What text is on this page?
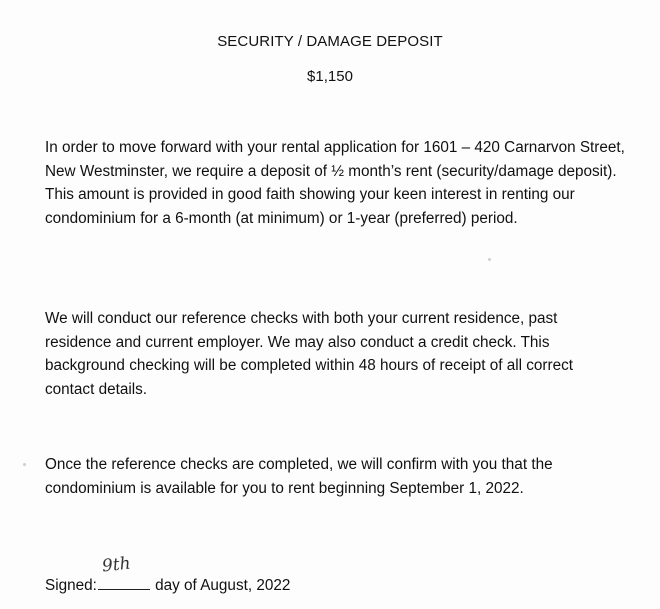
SECURITY / DAMAGE DEPOSIT
$1,150
In order to move forward with your rental application for 1601 – 420 Carnarvon Street, New Westminster, we require a deposit of ½ month’s rent (security/damage deposit). This amount is provided in good faith showing your keen interest in renting our condominium for a 6-month (at minimum) or 1-year (preferred) period.
We will conduct our reference checks with both your current residence, past residence and current employer. We may also conduct a credit check. This background checking will be completed within 48 hours of receipt of all correct contact details.
Once the reference checks are completed, we will confirm with you that the condominium is available for you to rent beginning September 1, 2022.
Signed:
9th
day of August, 2022
